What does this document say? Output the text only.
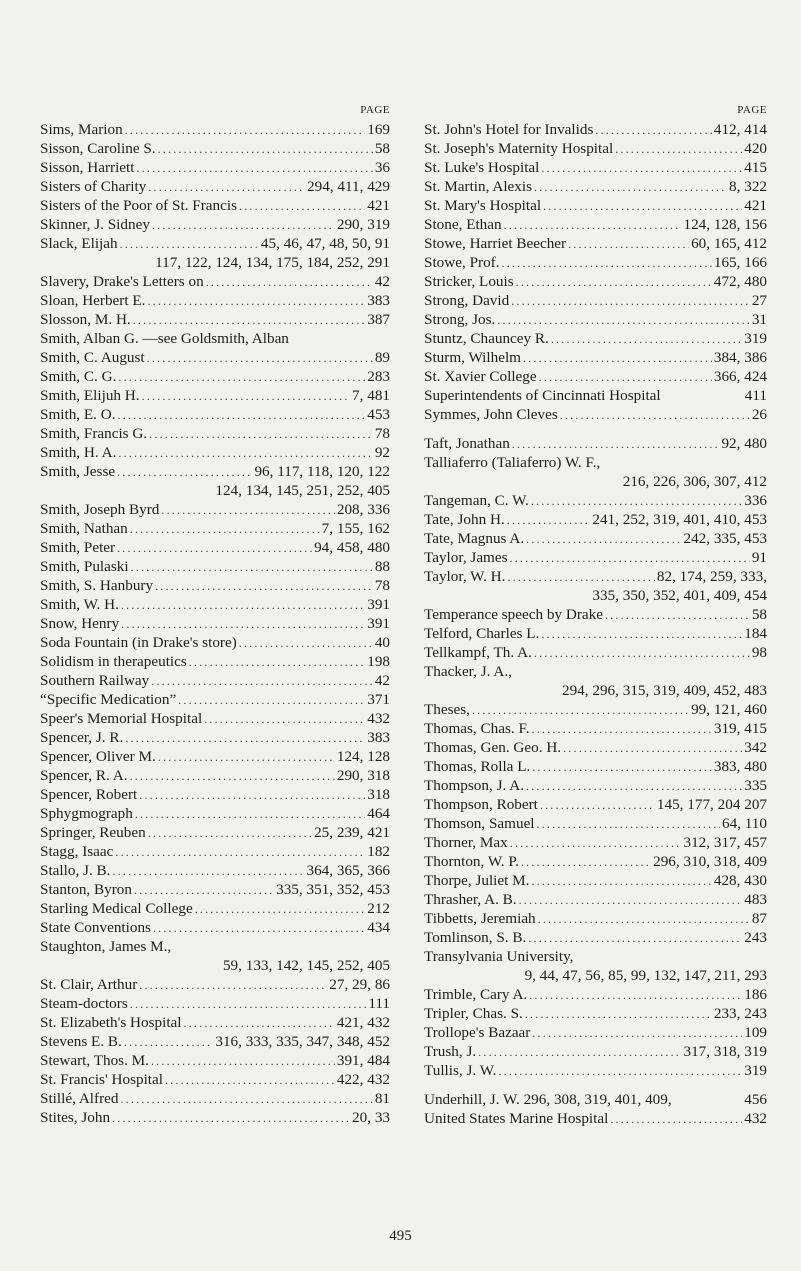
PAGE
Sims, Marion .....	169
Sisson, Caroline S. .....	58
Sisson, Harriett .....	36
Sisters of Charity .....	294, 411, 429
Sisters of the Poor of St. Francis .....	421
Skinner, J. Sidney .....	290, 319
Slack, Elijah .....	45, 46, 47, 48, 50, 91
117, 122, 124, 134, 175, 184, 252, 291
Slavery, Drake's Letters on .....	42
Sloan, Herbert E. .....	383
Slosson, M. H. .....	387
Smith, Alban G. —see Goldsmith, Alban
Smith, C. August .....	89
Smith, C. G. .....	283
Smith, Elijuh H. .....	7, 481
Smith, E. O. .....	453
Smith, Francis G. .....	78
Smith, H. A. .....	92
Smith, Jesse .....	96, 117, 118, 120, 122
124, 134, 145, 251, 252, 405
Smith, Joseph Byrd .....	208, 336
Smith, Nathan .....	7, 155, 162
Smith, Peter .....	94, 458, 480
Smith, Pulaski .....	88
Smith, S. Hanbury .....	78
Smith, W. H. .....	391
Snow, Henry .....	391
Soda Fountain (in Drake's store) .....	40
Solidism in therapeutics .....	198
Southern Railway .....	42
“Specific Medication” .....	371
Speer's Memorial Hospital .....	432
Spencer, J. R. .....	383
Spencer, Oliver M. .....	124, 128
Spencer, R. A. .....	290, 318
Spencer, Robert .....	318
Sphygmograph .....	464
Springer, Reuben .....	25, 239, 421
Stagg, Isaac .....	182
Stallo, J. B. .....	364, 365, 366
Stanton, Byron .....	335, 351, 352, 453
Starling Medical College .....	212
State Conventions .....	434
Staughton, James M.,
59, 133, 142, 145, 252, 405
St. Clair, Arthur .....	27, 29, 86
Steam-doctors .....	111
St. Elizabeth's Hospital .....	421, 432
Stevens E. B. .....	316, 333, 335, 347, 348, 452
Stewart, Thos. M. .....	391, 484
St. Francis' Hospital .....	422, 432
Stillé, Alfred .....	81
Stites, John .....	20, 33
PAGE
St. John's Hotel for Invalids .....	412, 414
St. Joseph's Maternity Hospital .....	420
St. Luke's Hospital .....	415
St. Martin, Alexis .....	8, 322
St. Mary's Hospital .....	421
Stone, Ethan .....	124, 128, 156
Stowe, Harriet Beecher .....	60, 165, 412
Stowe, Prof. .....	165, 166
Stricker, Louis .....	472, 480
Strong, David .....	27
Strong, Jos. .....	31
Stuntz, Chauncey R. .....	319
Sturm, Wilhelm .....	384, 386
St. Xavier College .....	366, 424
Superintendents of Cincinnati Hospital	411
Symmes, John Cleves .....	26
Taft, Jonathan .....	92, 480
Talliaferro (Taliaferro) W. F.,
216, 226, 306, 307, 412
Tangeman, C. W. .....	336
Tate, John H. .....	241, 252, 319, 401, 410, 453
Tate, Magnus A. .....	242, 335, 453
Taylor, James .....	91
Taylor, W. H. .....	82, 174, 259, 333,
335, 350, 352, 401, 409, 454
Temperance speech by Drake .....	58
Telford, Charles L. .....	184
Tellkampf, Th. A. .....	98
Thacker, J. A.,
294, 296, 315, 319, 409, 452, 483
Theses, .....	99, 121, 460
Thomas, Chas. F. .....	319, 415
Thomas, Gen. Geo. H. .....	342
Thomas, Rolla L. .....	383, 480
Thompson, J. A. .....	335
Thompson, Robert .....	145, 177, 204 207
Thomson, Samuel .....	64, 110
Thorner, Max .....	312, 317, 457
Thornton, W. P. .....	296, 310, 318, 409
Thorpe, Juliet M. .....	428, 430
Thrasher, A. B. .....	483
Tibbetts, Jeremiah .....	87
Tomlinson, S. B. .....	243
Transylvania University,
9, 44, 47, 56, 85, 99, 132, 147, 211, 293
Trimble, Cary A. .....	186
Tripler, Chas. S. .....	233, 243
Trollope's Bazaar .....	109
Trush, J. .....	317, 318, 319
Tullis, J. W. .....	319
Underhill, J. W. 296, 308, 319, 401, 409,	456
United States Marine Hospital .....	432
495
